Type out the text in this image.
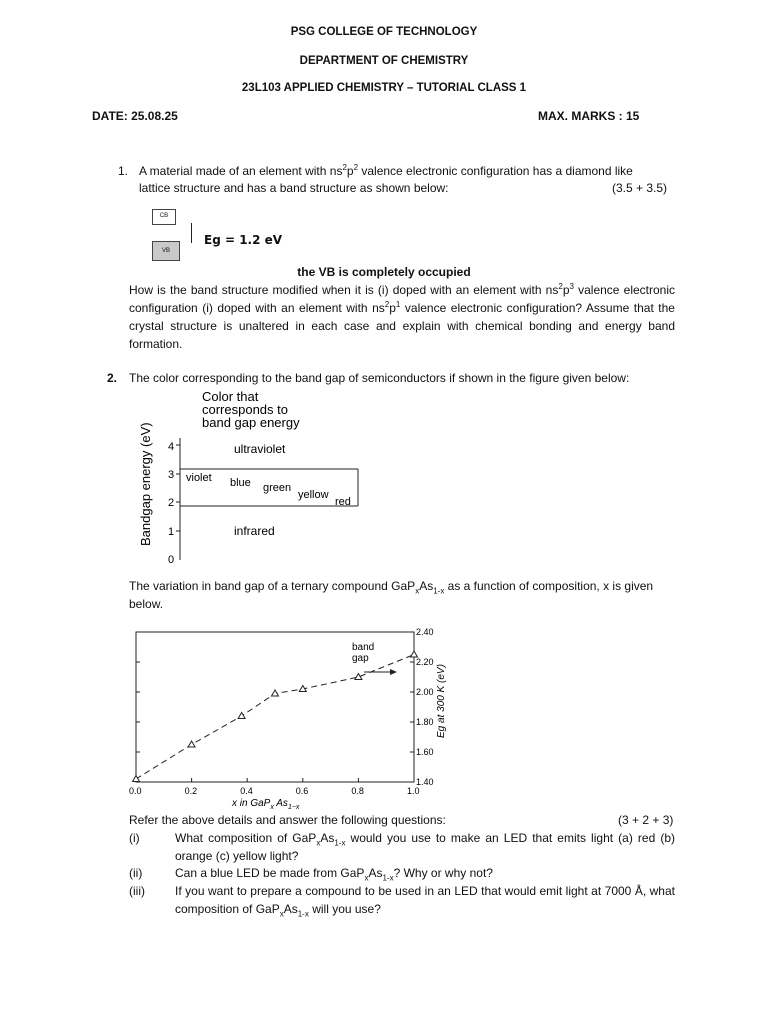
PSG COLLEGE OF TECHNOLOGY
DEPARTMENT OF CHEMISTRY
23L103 APPLIED CHEMISTRY – TUTORIAL CLASS 1
DATE: 25.08.25	MAX. MARKS : 15
1. A material made of an element with $ns^2p^2$ valence electronic configuration has a diamond like
lattice structure and has a band structure as shown below:	(3.5 + 3.5)
CB
VB
Eg = 1.2 eV
the VB is completely occupied
How is the band structure modified when it is (i) doped with an element with $ns^2p^3$ valence electronic configuration (i) doped with an element with $ns^2p^1$ valence electronic configuration? Assume that the crystal structure is unaltered in each case and explain with chemical bonding and energy band formation.
2. The color corresponding to the band gap of semiconductors if shown in the figure given below:
Color that
corresponds to
band gap energy
Bandgap energy (eV) 4
3
2
1
0
ultraviolet
violet blue green
yellow
red
infrared
The variation in band gap of a ternary compound $GaP_xAs_{1-x}$ as a function of composition, x is given below.
0.0	0.2	0.4	0.6	0.8	1.0
1.40
1.60
1.80
2.00
2.20
2.40
band
gap
x in GaP$_x$ $As_{1-x}$
Eg at 300 K (eV)
Refer the above details and answer the following questions:	(3 + 2 + 3)
(i)	What composition of $GaP_xAs_{1-x}$ would you use to make an LED that emits light (a) red (b) orange (c) yellow light?
(ii)	Can a blue LED be made from $GaP_xAs_{1-x}$? Why or why not?
(iii)	If you want to prepare a compound to be used in an LED that would emit light at 7000 Å, what composition of $GaP_xAs_{1-x}$ will you use?
